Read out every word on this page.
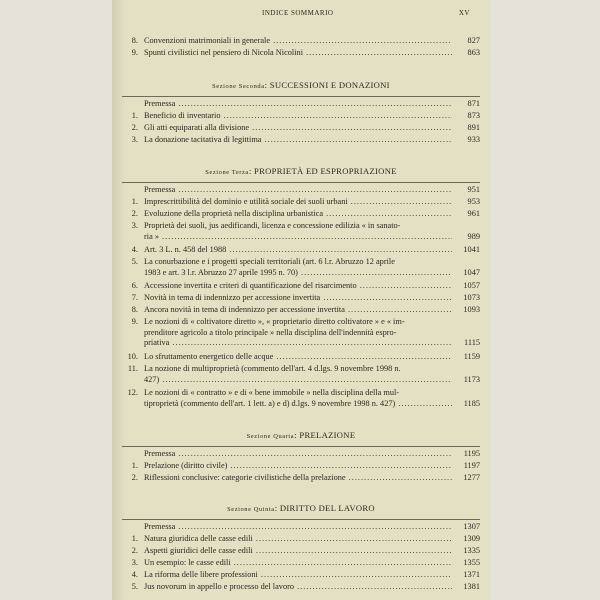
INDICE SOMMARIO	XV
8. Convenzioni matrimoniali in generale .....	827
9. Spunti civilistici nel pensiero di Nicola Nicolini .....	863
Sezione Seconda: SUCCESSIONI E DONAZIONI
Premessa .....	871
1. Beneficio di inventario .....	873
2. Gli atti equiparati alla divisione .....	891
3. La donazione tacitativa di legittima .....	933
Sezione Terza: PROPRIETÀ ED ESPROPRIAZIONE
Premessa .....	951
1. Imprescrittibilità del dominio e utilità sociale dei suoli urbani .....	953
2. Evoluzione della proprietà nella disciplina urbanistica .....	961
3. Proprietà dei suoli, jus aedificandi, licenza e concessione edilizia « in sanato-
ria » .....	989
4. Art. 3 L. n. 458 del 1988 .....	1041
5. La conurbazione e i progetti speciali territoriali (art. 6 l.r. Abruzzo 12 aprile
1983 e art. 3 l.r. Abruzzo 27 aprile 1995 n. 70) .....	1047
6. Accessione invertita e criteri di quantificazione del risarcimento .....	1057
7. Novità in tema di indennizzo per accessione invertita .....	1073
8. Ancora novità in tema di indennizzo per accessione invertita .....	1093
9. Le nozioni di « coltivatore diretto », « proprietario diretto coltivatore » e « im-
prenditore agricolo a titolo principale » nella disciplina dell'indennità espro-
priativa .....	1115
10. Lo sfruttamento energetico delle acque .....	1159
11. La nozione di multiproprietà (commento dell'art. 4 d.lgs. 9 novembre 1998 n.
427) .....	1173
12. Le nozioni di « contratto » e di « bene immobile » nella disciplina della mul-
tiproprietà (commento dell'art. 1 lett. a) e d) d.lgs. 9 novembre 1998 n. 427) .....	1185
Sezione Quarta: PRELAZIONE
Premessa .....	1195
1. Prelazione (diritto civile) .....	1197
2. Riflessioni conclusive: categorie civilistiche della prelazione .....	1277
Sezione Quinta: DIRITTO DEL LAVORO
Premessa .....	1307
1. Natura giuridica delle casse edili .....	1309
2. Aspetti giuridici delle casse edili .....	1335
3. Un esempio: le casse edili .....	1355
4. La riforma delle libere professioni .....	1371
5. Jus novorum in appello e processo del lavoro .....	1381
